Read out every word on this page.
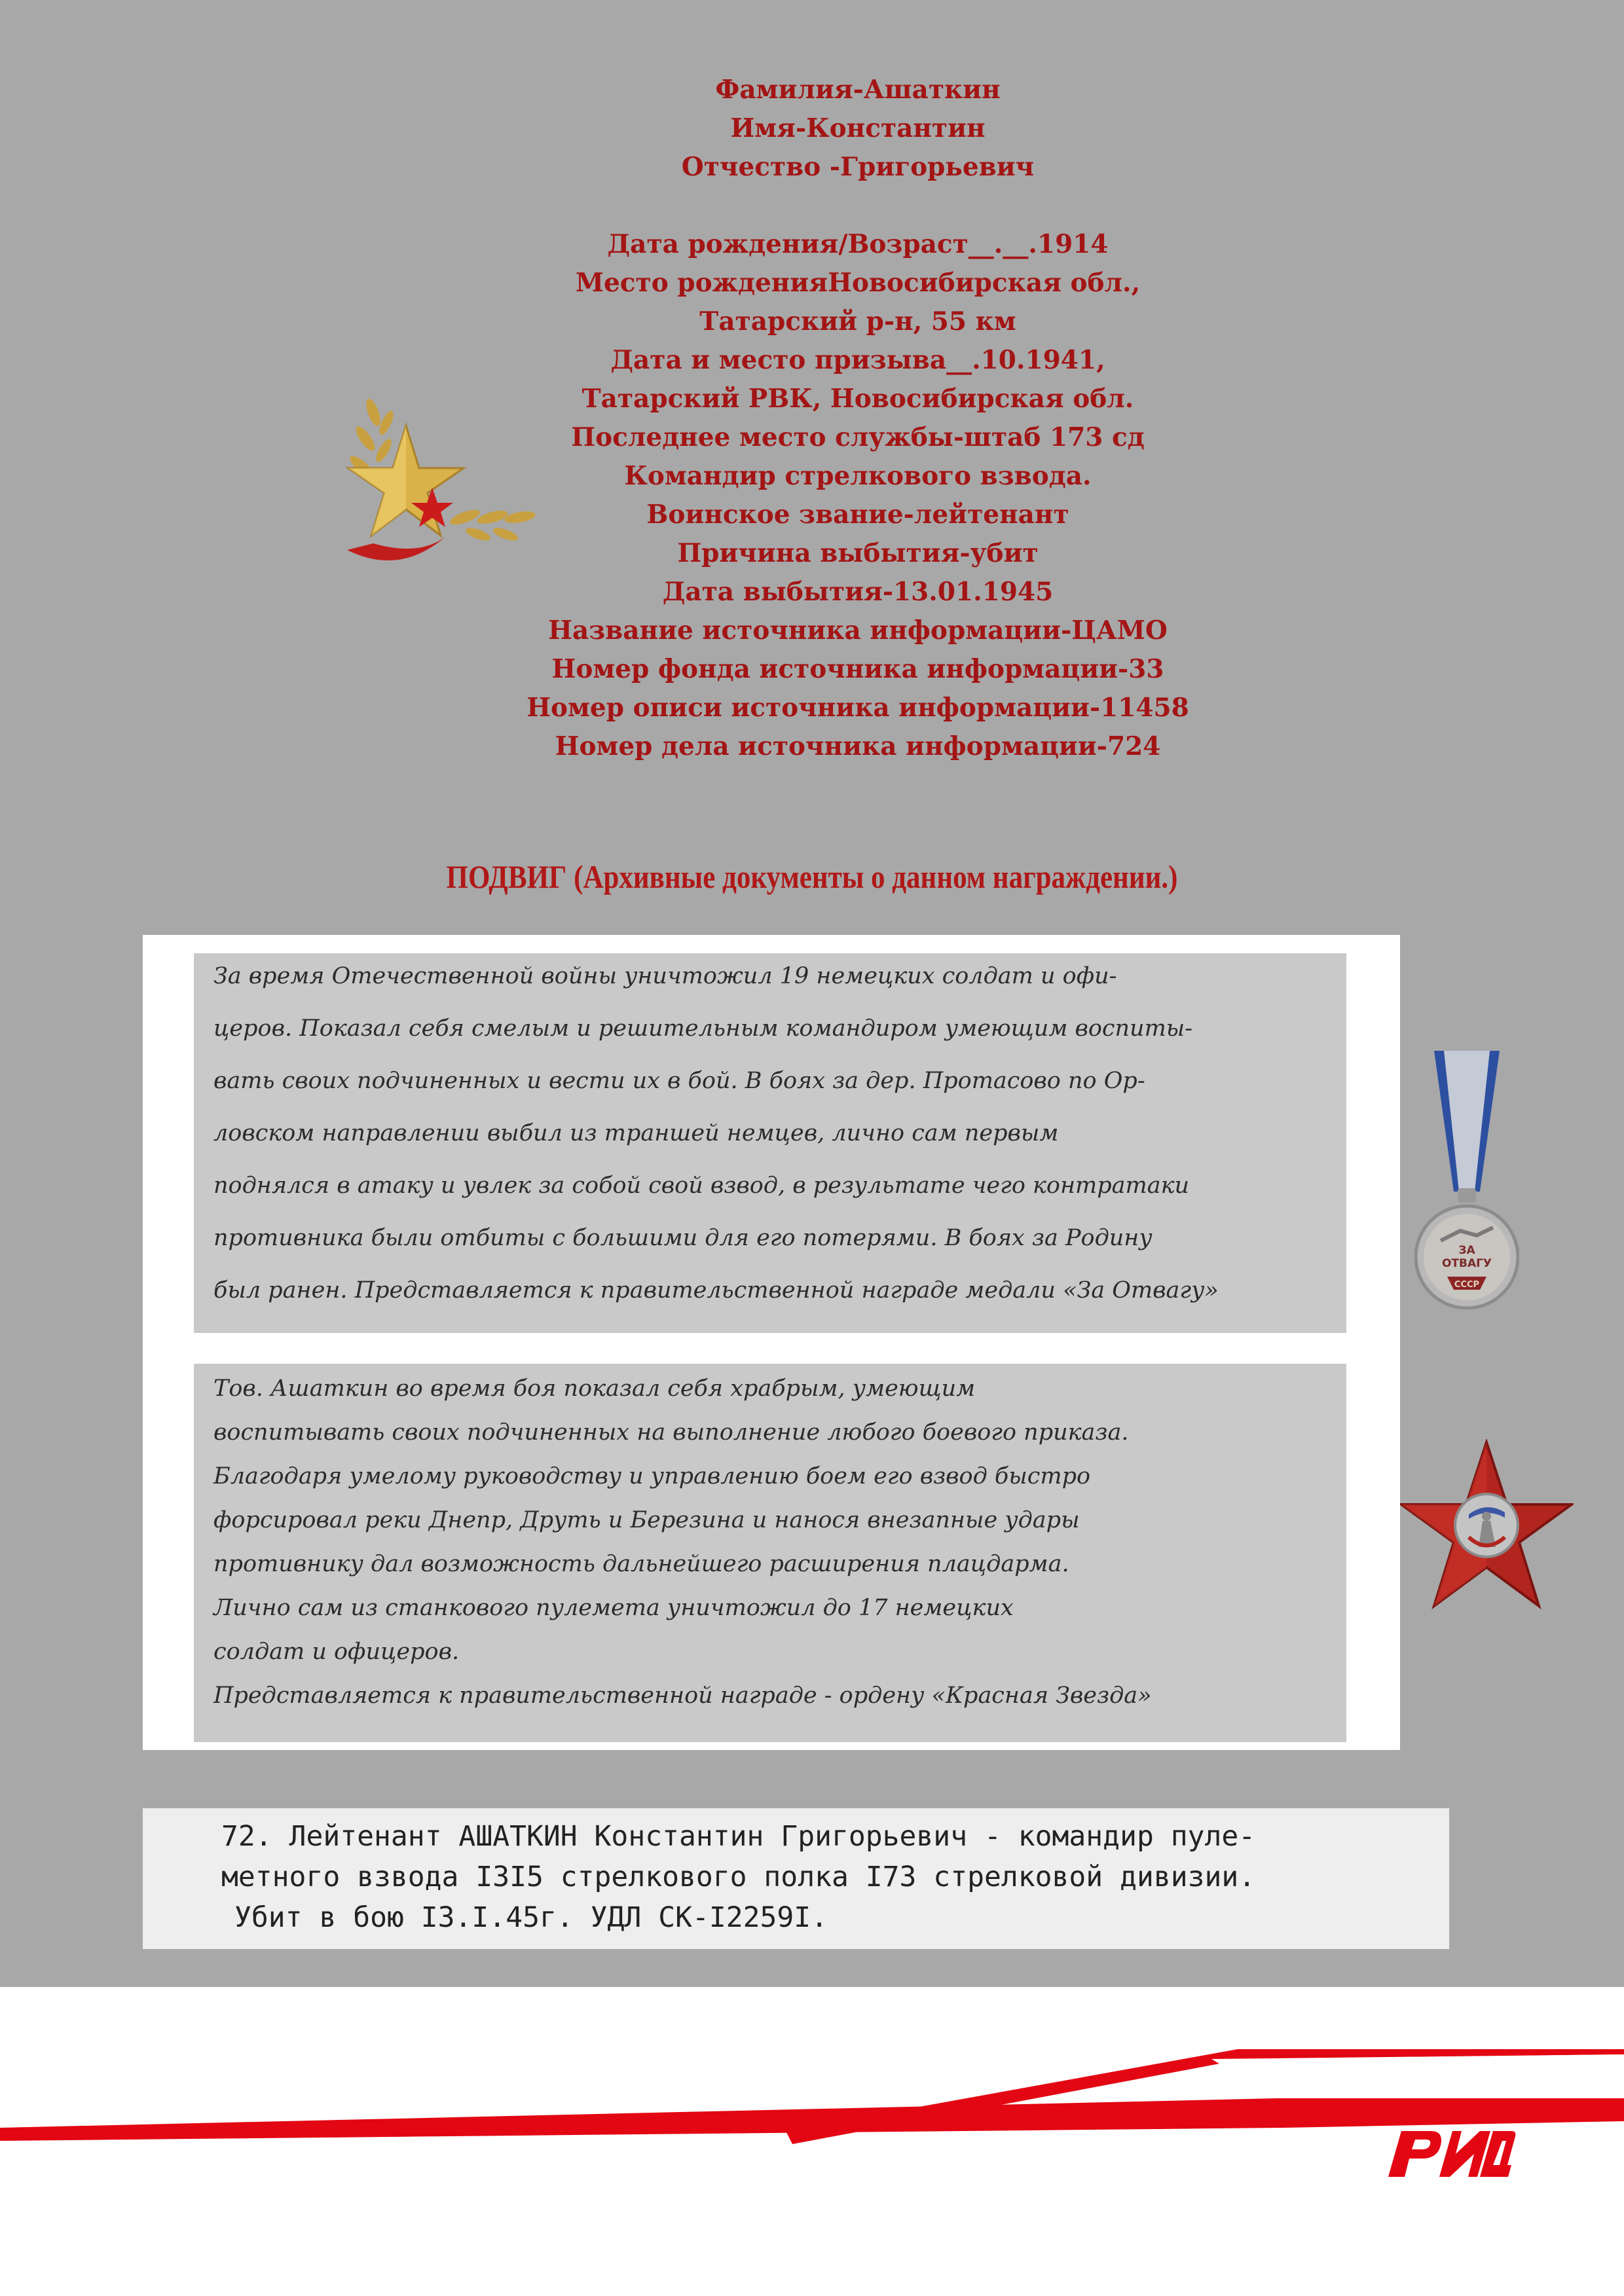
Фамилия-Ашаткин
Имя-Константин
Отчество -Григорьевич
Дата рождения/Возраст__.__.1914
Место рожденияНовосибирская обл.,
Татарский р-н, 55 км
Дата и место призыва__.10.1941,
Татарский РВК, Новосибирская обл.
Последнее место службы-штаб 173 сд
Командир стрелкового взвода.
Воинское звание-лейтенант
Причина выбытия-убит
Дата выбытия-13.01.1945
Название источника информации-ЦАМО
Номер фонда источника информации-33
Номер описи источника информации-11458
Номер дела источника информации-724
ПОДВИГ (Архивные документы о данном награждении.)
За время Отечественной войны уничтожил 19 немецких солдат и офи-
церов. Показал себя смелым и решительным командиром умеющим воспиты-
вать своих подчиненных и вести их в бой. В боях за дер. Протасово по Ор-
ловском направлении выбил из траншей немцев, лично сам первым
поднялся в атаку и увлек за собой свой взвод, в результате чего контратаки
противника были отбиты с большими для его потерями. В боях за Родину
был ранен. Представляется к правительственной награде медали «За Отвагу»
Тов. Ашаткин во время боя показал себя храбрым, умеющим
воспитывать своих подчиненных на выполнение любого боевого приказа.
Благодаря умелому руководству и управлению боем его взвод быстро
форсировал реки Днепр, Друть и Березина и нанося внезапные удары
противнику дал возможность дальнейшего расширения плацдарма.
Лично сам из станкового пулемета уничтожил до 17 немецких
солдат и офицеров.
Представляется к правительственной награде - ордену «Красная Звезда»
ЗА
ОТВАГУ
СССР
72. Лейтенант АШАТКИН Константин Григорьевич - командир пуле-
метного взвода I3I5 стрелкового полка I73 стрелковой дивизии.
Убит в бою I3.I.45г. УДЛ СК-I2259I.
